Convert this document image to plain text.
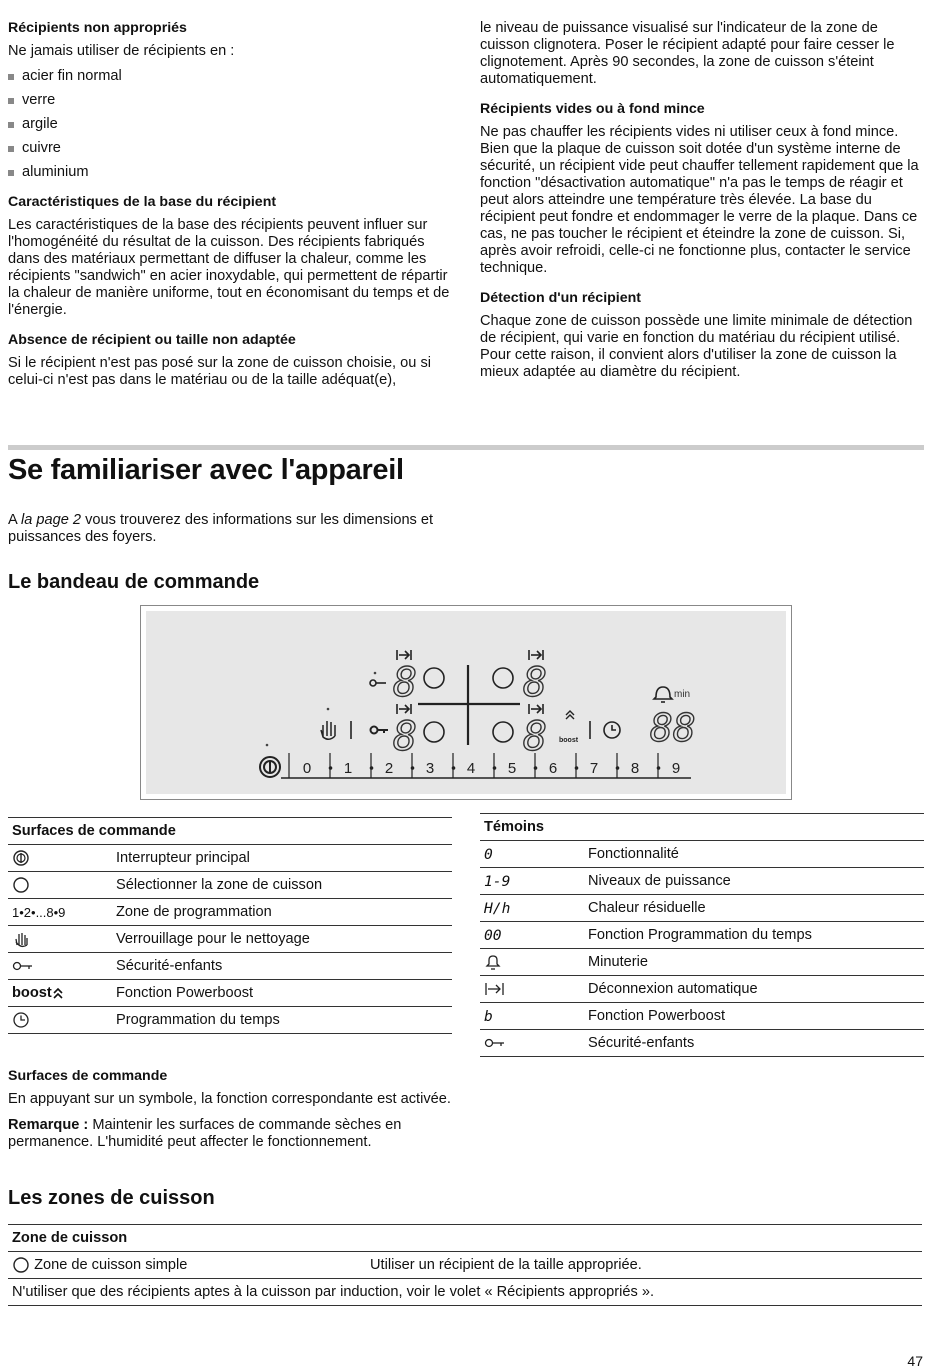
Récipients non appropriés

Ne jamais utiliser de récipients en :

acier fin normal
verre
argile
cuivre
aluminium
Caractéristiques de la base du récipient

Les caractéristiques de la base des récipients peuvent influer sur l'homogénéité du résultat de la cuisson. Des récipients fabriqués dans des matériaux permettant de diffuser la chaleur, comme les récipients "sandwich" en acier inoxydable, qui permettent de répartir la chaleur de manière uniforme, tout en économisant du temps et de l'énergie.

Absence de récipient ou taille non adaptée

Si le récipient n'est pas posé sur la zone de cuisson choisie, ou si celui-ci n'est pas dans le matériau ou de la taille adéquat(e),

le niveau de puissance visualisé sur l'indicateur de la zone de cuisson clignotera. Poser le récipient adapté pour faire cesser le clignotement. Après 90 secondes, la zone de cuisson s'éteint automatiquement.

Récipients vides ou à fond mince

Ne pas chauffer les récipients vides ni utiliser ceux à fond mince. Bien que la plaque de cuisson soit dotée d'un système interne de sécurité, un récipient vide peut chauffer tellement rapidement que la fonction "désactivation automatique" n'a pas le temps de réagir et peut alors atteindre une température très élevée. La base du récipient peut fondre et endommager le verre de la plaque. Dans ce cas, ne pas toucher le récipient et éteindre la zone de cuisson. Si, après avoir refroidi, celle-ci ne fonctionne plus, contacter le service technique.

Détection d'un récipient

Chaque zone de cuisson possède une limite minimale de détection de récipient, qui varie en fonction du matériau du récipient utilisé. Pour cette raison, il convient alors d'utiliser la zone de cuisson la mieux adaptée au diamètre du récipient.

Se familiariser avec l'appareil

A la page 2 vous trouverez des informations sur les dimensions et puissances des foyers.

Le bandeau de commande
8	8
8	8	88
min
boost
0 1 2 3 4 5 6 7 8 9
Surfaces de commande	
	Interrupteur principal
	Sélectionner la zone de cuisson
1•2•...8•9	Zone de programmation
	Verrouillage pour le nettoyage
	Sécurité-enfants
boost	Fonction Powerboost
	Programmation du temps
Témoins	
0	Fonctionnalité
1-9	Niveaux de puissance
H/h	Chaleur résiduelle
00	Fonction Programmation du temps
	Minuterie
	Déconnexion automatique
b	Fonction Powerboost
	Sécurité-enfants
Surfaces de commande

En appuyant sur un symbole, la fonction correspondante est activée.

Remarque : Maintenir les surfaces de commande sèches en permanence. L'humidité peut affecter le fonctionnement.

Les zones de cuisson
Zone de cuisson
Zone de cuisson simple	Utiliser un récipient de la taille appropriée.
N'utiliser que des récipients aptes à la cuisson par induction, voir le volet « Récipients appropriés ».
47
